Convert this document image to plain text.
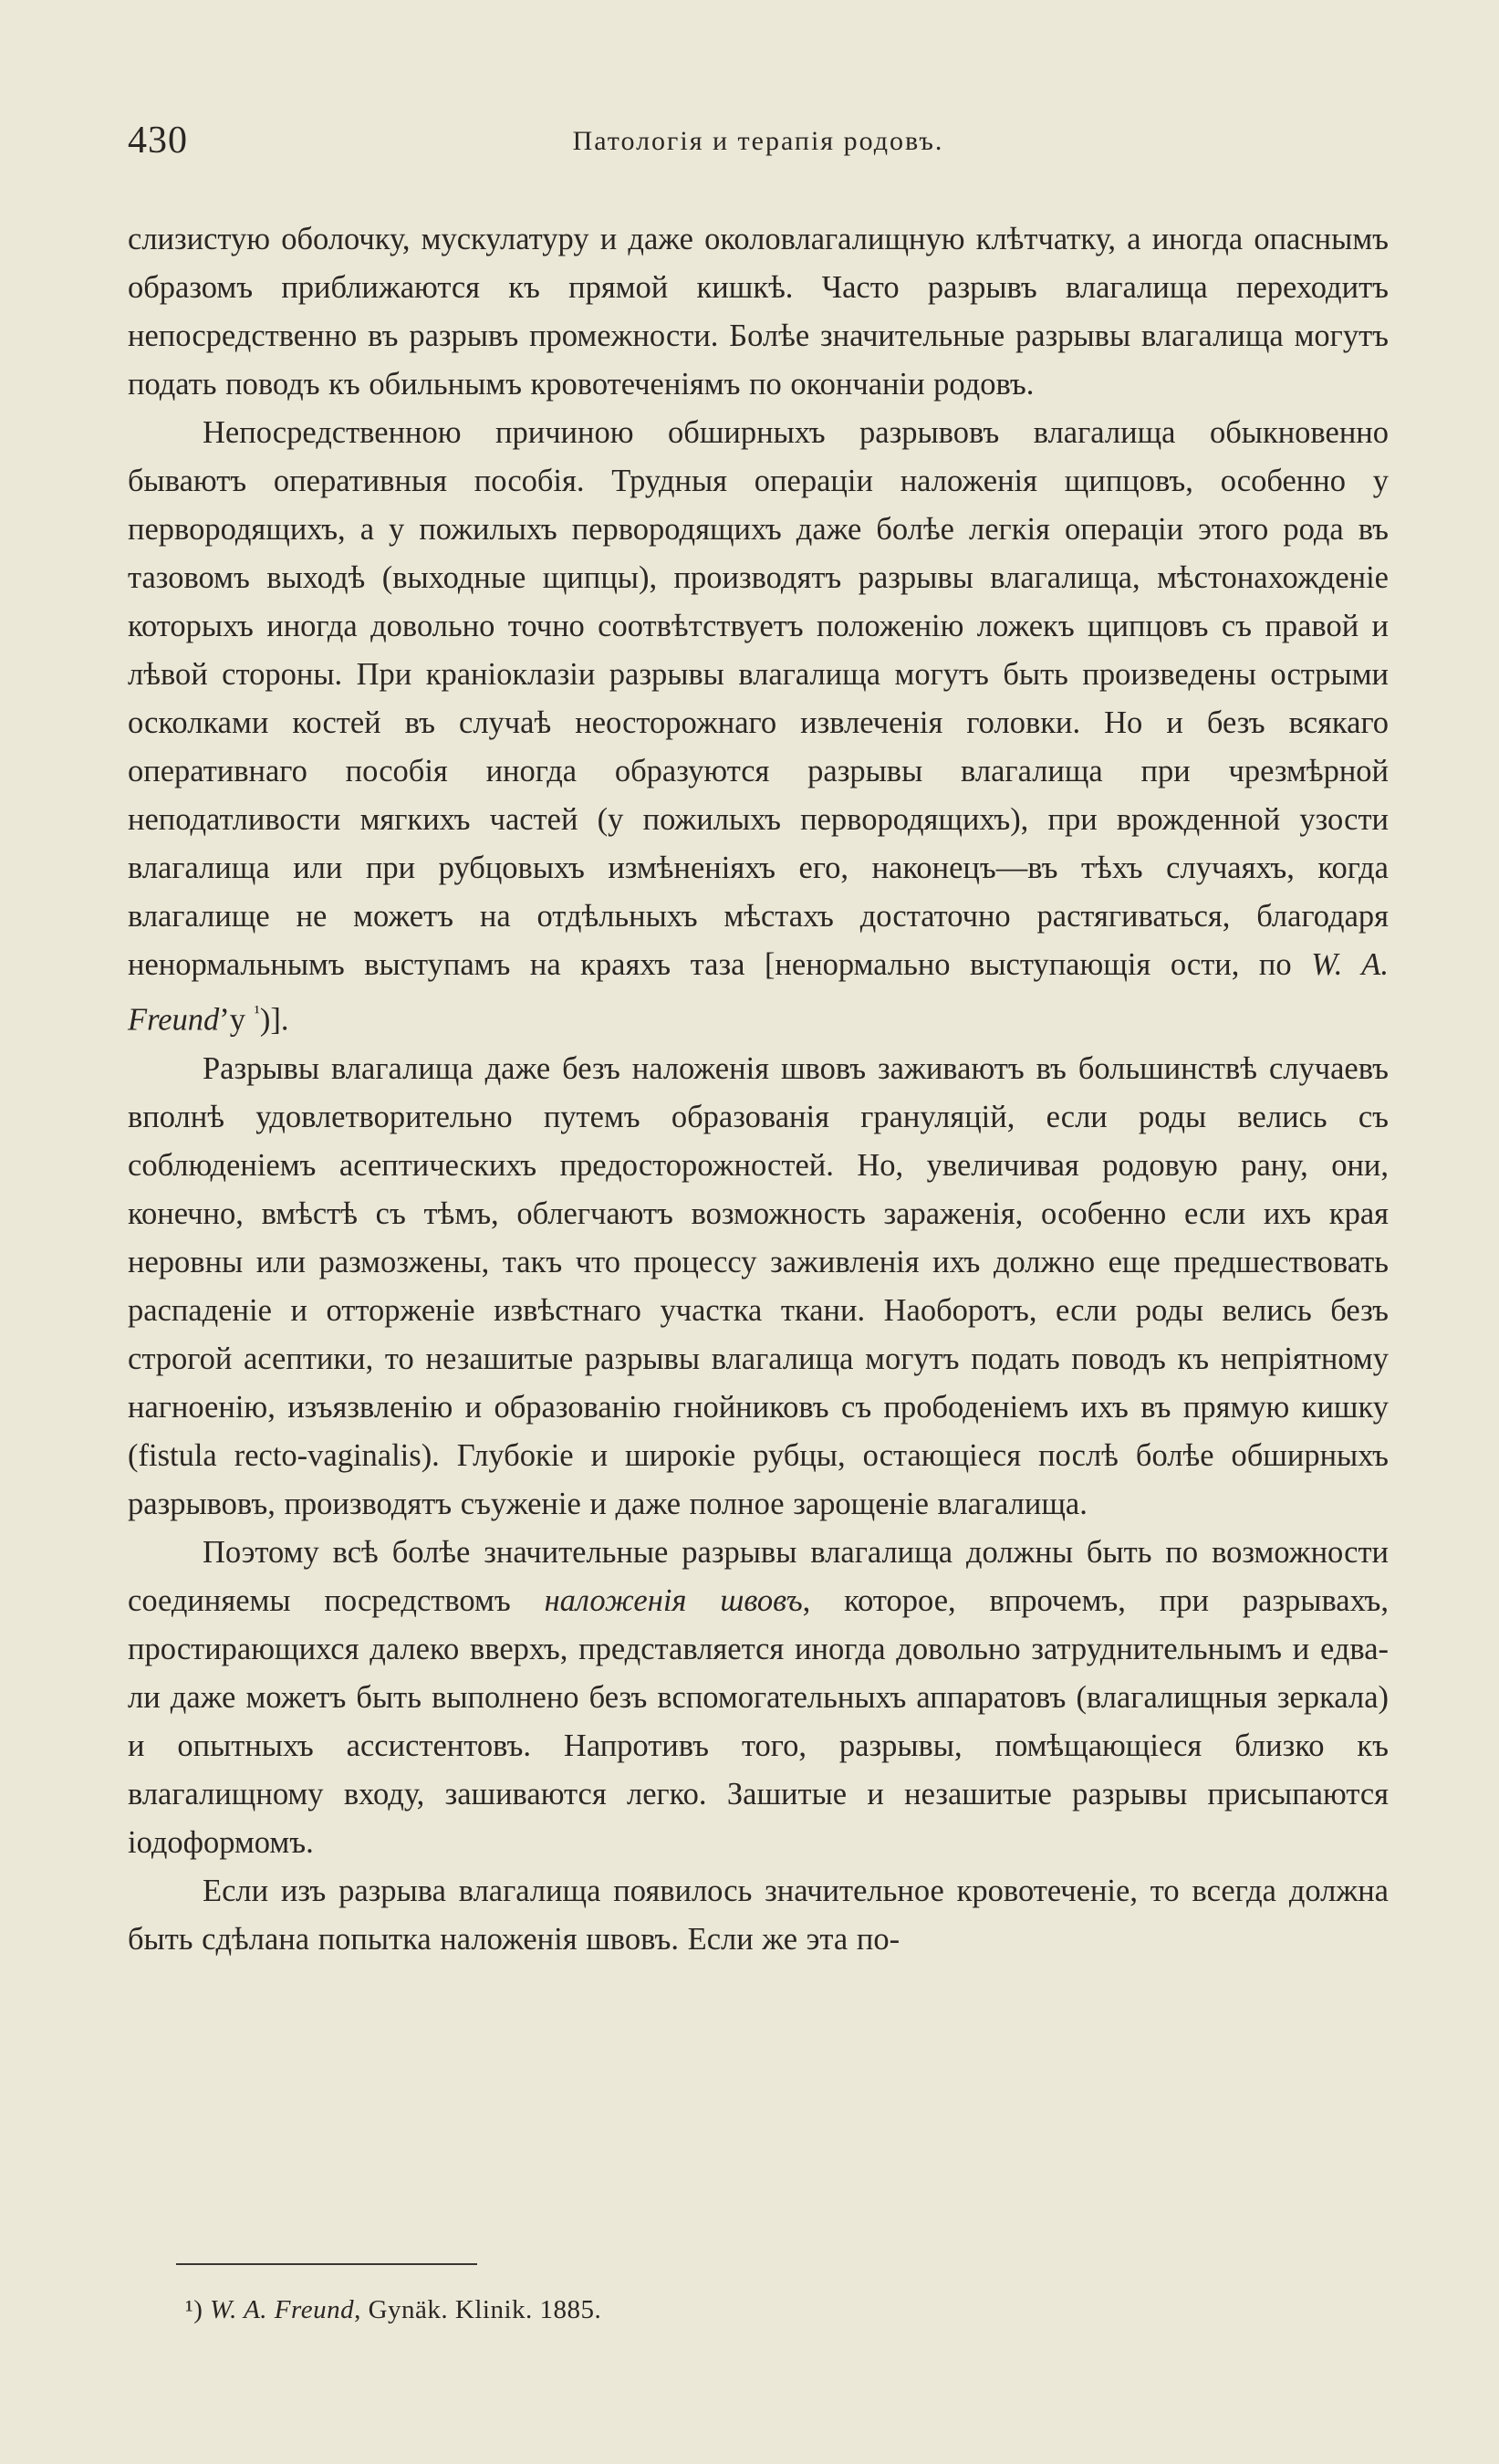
430	Патологія и терапія родовъ.

слизистую оболочку, мускулатуру и даже околовлагалищную клѣтчатку, а иногда опаснымъ образомъ приближаются къ прямой кишкѣ. Часто разрывъ влагалища переходитъ непосредственно въ разрывъ промежности. Болѣе значительные разрывы влагалища могутъ подать поводъ къ обильнымъ кровотеченіямъ по окончаніи родовъ.

Непосредственною причиною обширныхъ разрывовъ влагалища обыкновенно бываютъ оперативныя пособія. Трудныя операціи наложенія щипцовъ, особенно у первородящихъ, а у пожилыхъ первородящихъ даже болѣе легкія операціи этого рода въ тазовомъ выходѣ (выходные щипцы), производятъ разрывы влагалища, мѣстонахожденіе которыхъ иногда довольно точно соотвѣтствуетъ положенію ложекъ щипцовъ съ правой и лѣвой стороны. При краніоклазіи разрывы влагалища могутъ быть произведены острыми осколками костей въ случаѣ неосторожнаго извлеченія головки. Но и безъ всякаго оперативнаго пособія иногда образуются разрывы влагалища при чрезмѣрной неподатливости мягкихъ частей (у пожилыхъ первородящихъ), при врожденной узости влагалища или при рубцовыхъ измѣненіяхъ его, наконецъ—въ тѣхъ случаяхъ, когда влагалище не можетъ на отдѣльныхъ мѣстахъ достаточно растягиваться, благодаря ненормальнымъ выступамъ на краяхъ таза [ненормально выступающія ости, по W. A. Freund’у $^{^1}$)].

Разрывы влагалища даже безъ наложенія швовъ заживаютъ въ большинствѣ случаевъ вполнѣ удовлетворительно путемъ образованія грануляцій, если роды велись съ соблюденіемъ асептическихъ предосторожностей. Но, увеличивая родовую рану, они, конечно, вмѣстѣ съ тѣмъ, облегчаютъ возможность зараженія, особенно если ихъ края неровны или размозжены, такъ что процессу заживленія ихъ должно еще предшествовать распаденіе и отторженіе извѣстнаго участка ткани. Наоборотъ, если роды велись безъ строгой асептики, то незашитые разрывы влагалища могутъ подать поводъ къ непріятному нагноенію, изъязвленію и образованію гнойниковъ съ прободеніемъ ихъ въ прямую кишку (fistula recto-vaginalis). Глубокіе и широкіе рубцы, остающіеся послѣ болѣе обширныхъ разрывовъ, производятъ съуженіе и даже полное зарощеніе влагалища.

Поэтому всѣ болѣе значительные разрывы влагалища должны быть по возможности соединяемы посредствомъ наложенія швовъ, которое, впрочемъ, при разрывахъ, простирающихся далеко вверхъ, представляется иногда довольно затруднительнымъ и едва-ли даже можетъ быть выполнено безъ вспомогательныхъ аппаратовъ (влагалищныя зеркала) и опытныхъ ассистентовъ. Напротивъ того, разрывы, помѣщающіеся близко къ влагалищному входу, зашиваются легко. Зашитые и незашитые разрывы присыпаются іодоформомъ.

Если изъ разрыва влагалища появилось значительное кровотеченіе, то всегда должна быть сдѣлана попытка наложенія швовъ. Если же эта по-

¹) W. A. Freund, Gynäk. Klinik. 1885.
